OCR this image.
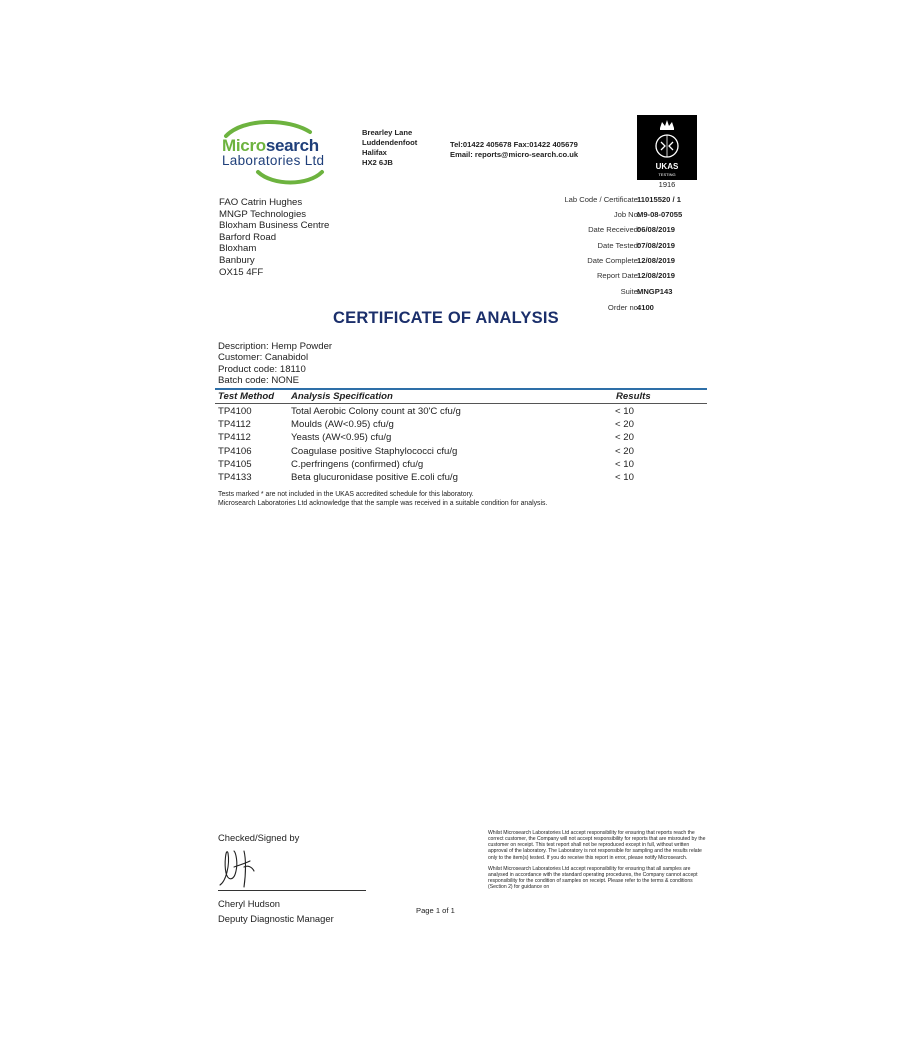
Microsearch
Laboratories Ltd
Brearley Lane
Luddendenfoot
Halifax
HX2 6JB
Tel:01422 405678 Fax:01422 405679
Email: reports@micro-search.co.uk
UKAS
TESTING
1916
FAO Catrin Hughes
MNGP Technologies
Bloxham Business Centre
Barford Road
Bloxham
Banbury
OX15 4FF
Lab Code / Certificate:
11015520 / 1
Job No:
M9-08-07055
Date Received:
06/08/2019
Date Tested:
07/08/2019
Date Complete:
12/08/2019
Report Date:
12/08/2019
Suite:
MNGP143
Order no:
4100
CERTIFICATE OF ANALYSIS
Description: Hemp Powder
Customer: Canabidol
Product code: 18110
Batch code: NONE
Test Method Analysis Specification	Results
TP4100	Total Aerobic Colony count at 30'C cfu/g	< 10
TP4112	Moulds (AW<0.95) cfu/g	< 20
TP4112	Yeasts (AW<0.95) cfu/g	< 20
TP4106	Coagulase positive Staphylococci cfu/g	< 20
TP4105	C.perfringens (confirmed) cfu/g	< 10
TP4133	Beta glucuronidase positive E.coli cfu/g	< 10
Tests marked * are not included in the UKAS accredited schedule for this laboratory.
Microsearch Laboratories Ltd acknowledge that the sample was received in a suitable condition for analysis.
Checked/Signed by
Cheryl Hudson
Deputy Diagnostic Manager
Page 1 of 1

Whilst Microsearch Laboratories Ltd accept responsibility for ensuring that reports reach the correct customer, the Company will not accept responsibility for reports that are misrouted by the customer on receipt. This test report shall not be reproduced except in full, without written approval of the laboratory. The Laboratory is not responsible for sampling and the results relate only to the item(s) tested. If you do receive this report in error, please notify Microsearch.

Whilst Microsearch Laboratories Ltd accept responsibility for ensuring that all samples are analysed in accordance with the standard operating procedures, the Company cannot accept responsibility for the condition of samples on receipt. Please refer to the terms & conditions (Section 2) for guidance on
